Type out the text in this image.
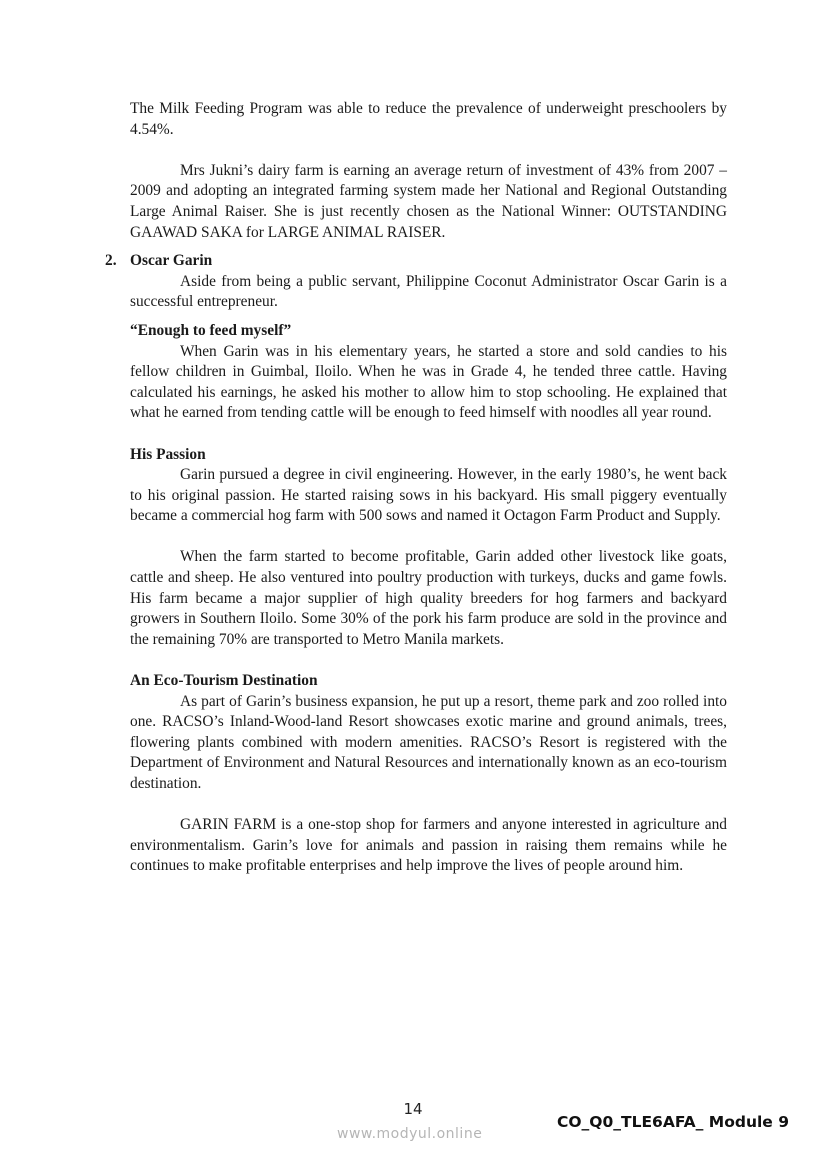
The Milk Feeding Program was able to reduce the prevalence of underweight preschoolers by 4.54%.

Mrs Jukni’s dairy farm is earning an average return of investment of 43% from 2007 – 2009 and adopting an integrated farming system made her National and Regional Outstanding Large Animal Raiser. She is just recently chosen as the National Winner: OUTSTANDING GAAWAD SAKA for LARGE ANIMAL RAISER.

2. Oscar Garin

Aside from being a public servant, Philippine Coconut Administrator Oscar Garin is a successful entrepreneur.

“Enough to feed myself”

When Garin was in his elementary years, he started a store and sold candies to his fellow children in Guimbal, Iloilo. When he was in Grade 4, he tended three cattle. Having calculated his earnings, he asked his mother to allow him to stop schooling. He explained that what he earned from tending cattle will be enough to feed himself with noodles all year round.

His Passion

Garin pursued a degree in civil engineering. However, in the early 1980’s, he went back to his original passion. He started raising sows in his backyard. His small piggery eventually became a commercial hog farm with 500 sows and named it Octagon Farm Product and Supply.

When the farm started to become profitable, Garin added other livestock like goats, cattle and sheep. He also ventured into poultry production with turkeys, ducks and game fowls. His farm became a major supplier of high quality breeders for hog farmers and backyard growers in Southern Iloilo. Some 30% of the pork his farm produce are sold in the province and the remaining 70% are transported to Metro Manila markets.

An Eco-Tourism Destination

As part of Garin’s business expansion, he put up a resort, theme park and zoo rolled into one. RACSO’s Inland-Wood-land Resort showcases exotic marine and ground animals, trees, flowering plants combined with modern amenities. RACSO’s Resort is registered with the Department of Environment and Natural Resources and internationally known as an eco-tourism destination.

GARIN FARM is a one-stop shop for farmers and anyone interested in agriculture and environmentalism. Garin’s love for animals and passion in raising them remains while he continues to make profitable enterprises and help improve the lives of people around him.

14
www.modyul.online
CO_Q0_TLE6AFA_ Module 9
